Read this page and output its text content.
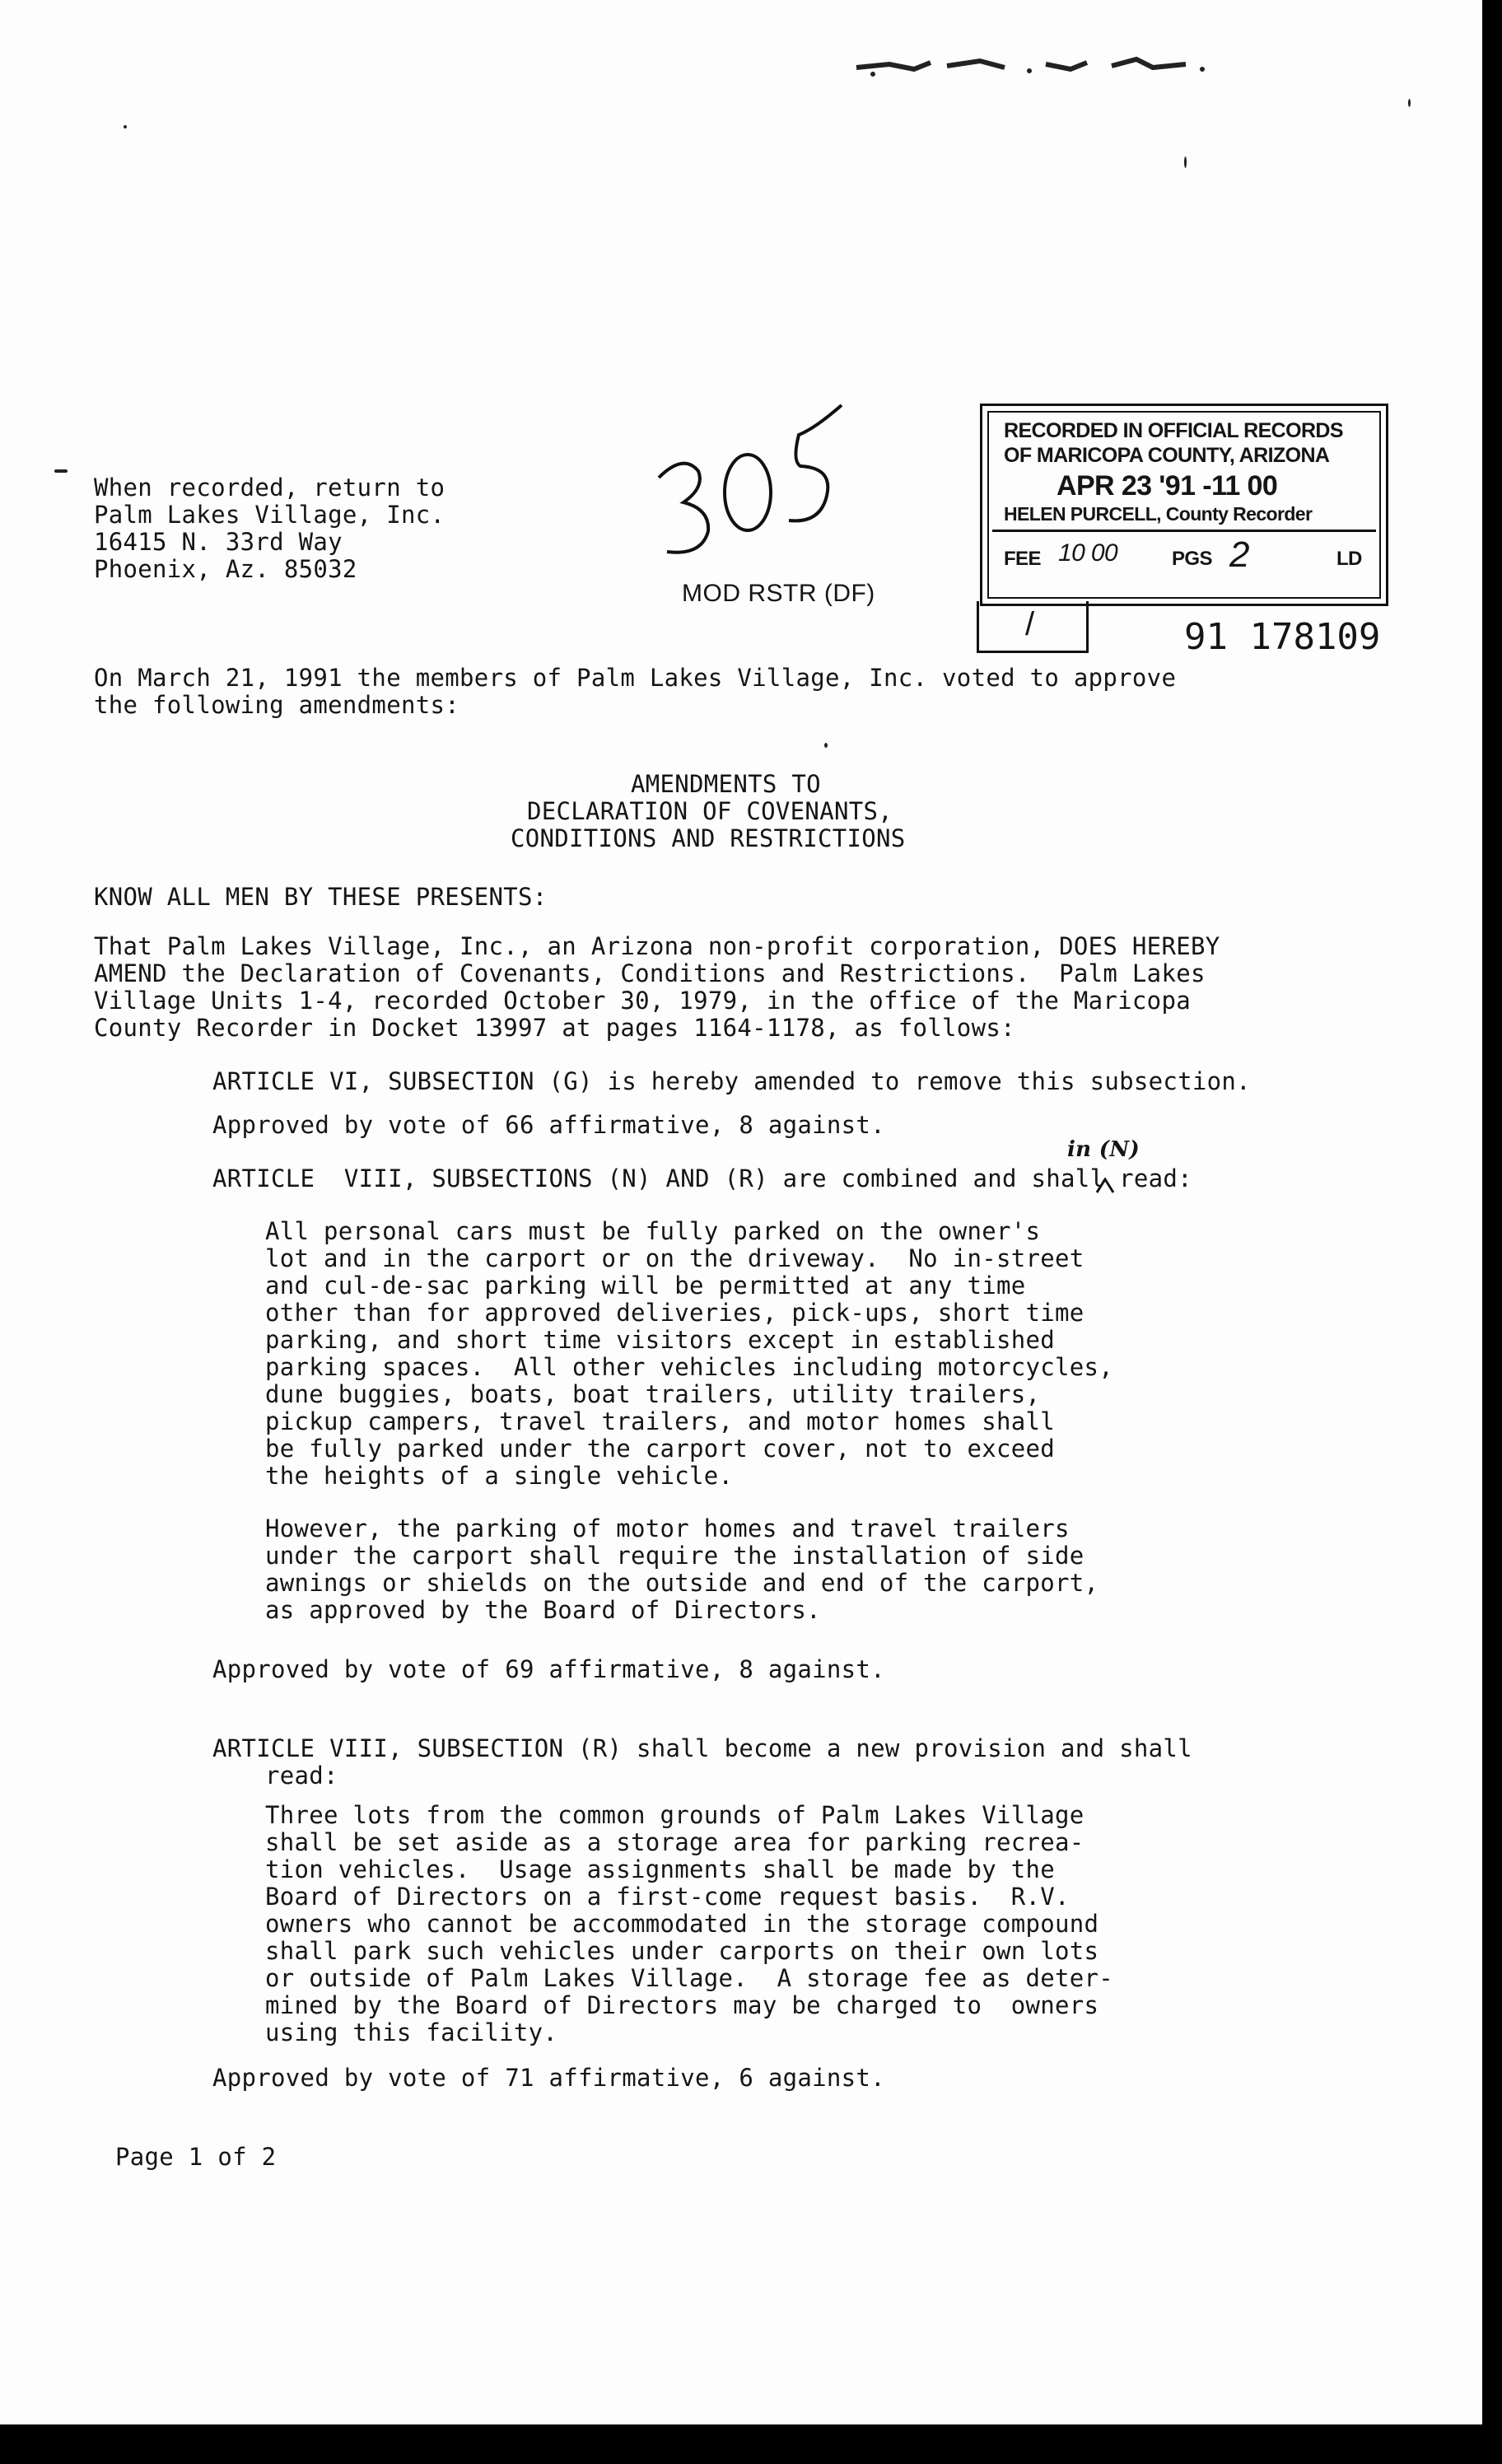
When recorded, return to
Palm Lakes Village, Inc.
16415 N. 33rd Way
Phoenix, Az. 85032
MOD RSTR (DF)
RECORDED IN OFFICIAL RECORDS
OF MARICOPA COUNTY, ARIZONA
APR 23 '91 -11 00
HELEN PURCELL, County Recorder
FEE 10 00	PGS 2	LD
/	91 178109
On March 21, 1991 the members of Palm Lakes Village, Inc. voted to approve
the following amendments:
AMENDMENTS TO
DECLARATION OF COVENANTS,
CONDITIONS AND RESTRICTIONS
KNOW ALL MEN BY THESE PRESENTS:
That Palm Lakes Village, Inc., an Arizona non-profit corporation, DOES HEREBY
AMEND the Declaration of Covenants, Conditions and Restrictions.  Palm Lakes
Village Units 1-4, recorded October 30, 1979, in the office of the Maricopa
County Recorder in Docket 13997 at pages 1164-1178, as follows:
ARTICLE VI, SUBSECTION (G) is hereby amended to remove this subsection.
Approved by vote of 66 affirmative, 8 against.
in (N)
ARTICLE  VIII, SUBSECTIONS (N) AND (R) are combined and shall read:
All personal cars must be fully parked on the owner's
lot and in the carport or on the driveway.  No in-street
and cul-de-sac parking will be permitted at any time
other than for approved deliveries, pick-ups, short time
parking, and short time visitors except in established
parking spaces.  All other vehicles including motorcycles,
dune buggies, boats, boat trailers, utility trailers,
pickup campers, travel trailers, and motor homes shall
be fully parked under the carport cover, not to exceed
the heights of a single vehicle.
However, the parking of motor homes and travel trailers
under the carport shall require the installation of side
awnings or shields on the outside and end of the carport,
as approved by the Board of Directors.
Approved by vote of 69 affirmative, 8 against.
ARTICLE VIII, SUBSECTION (R) shall become a new provision and shall
read:
Three lots from the common grounds of Palm Lakes Village
shall be set aside as a storage area for parking recrea-
tion vehicles.  Usage assignments shall be made by the
Board of Directors on a first-come request basis.  R.V.
owners who cannot be accommodated in the storage compound
shall park such vehicles under carports on their own lots
or outside of Palm Lakes Village.  A storage fee as deter-
mined by the Board of Directors may be charged to  owners
using this facility.
Approved by vote of 71 affirmative, 6 against.
Page 1 of 2
